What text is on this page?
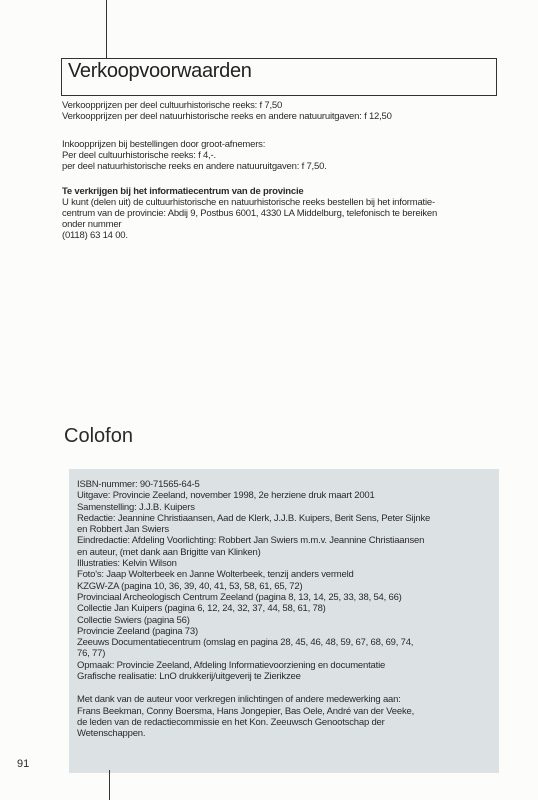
Verkoopvoorwaarden

Verkoopprijzen per deel cultuurhistorische reeks: f 7,50

Verkoopprijzen per deel natuurhistorische reeks en andere natuuruitgaven: f 12,50

Inkoopprijzen bij bestellingen door groot-afnemers:

Per deel cultuurhistorische reeks: f 4,-.

per deel natuurhistorische reeks en andere natuuruitgaven: f 7,50.

Te verkrijgen bij het informatiecentrum van de provincie

U kunt (delen uit) de cultuurhistorische en natuurhistorische reeks bestellen bij het informatie-

centrum van de provincie: Abdij 9, Postbus 6001, 4330 LA Middelburg, telefonisch te bereiken

onder nummer

(0118) 63 14 00.

Colofon

ISBN-nummer: 90-71565-64-5

Uitgave: Provincie Zeeland, november 1998, 2e herziene druk maart 2001

Samenstelling: J.J.B. Kuipers

Redactie: Jeannine Christiaansen, Aad de Klerk, J.J.B. Kuipers, Berit Sens, Peter Sijnke

en Robbert Jan Swiers

Eindredactie: Afdeling Voorlichting: Robbert Jan Swiers m.m.v. Jeannine Christiaansen

en auteur, (met dank aan Brigitte van Klinken)

Illustraties: Kelvin Wilson

Foto's: Jaap Wolterbeek en Janne Wolterbeek, tenzij anders vermeld

KZGW-ZA (pagina 10, 36, 39, 40, 41, 53, 58, 61, 65, 72)

Provinciaal Archeologisch Centrum Zeeland (pagina 8, 13, 14, 25, 33, 38, 54, 66)

Collectie Jan Kuipers (pagina 6, 12, 24, 32, 37, 44, 58, 61, 78)

Collectie Swiers (pagina 56)

Provincie Zeeland (pagina 73)

Zeeuws Documentatiecentrum (omslag en pagina 28, 45, 46, 48, 59, 67, 68, 69, 74,

76, 77)

Opmaak: Provincie Zeeland, Afdeling Informatievoorziening en documentatie

Grafische realisatie: LnO drukkerij/uitgeverij te Zierikzee

Met dank van de auteur voor verkregen inlichtingen of andere medewerking aan:

Frans Beekman, Conny Boersma, Hans Jongepier, Bas Oele, André van der Veeke,

de leden van de redactiecommissie en het Kon. Zeeuwsch Genootschap der

Wetenschappen.

91
